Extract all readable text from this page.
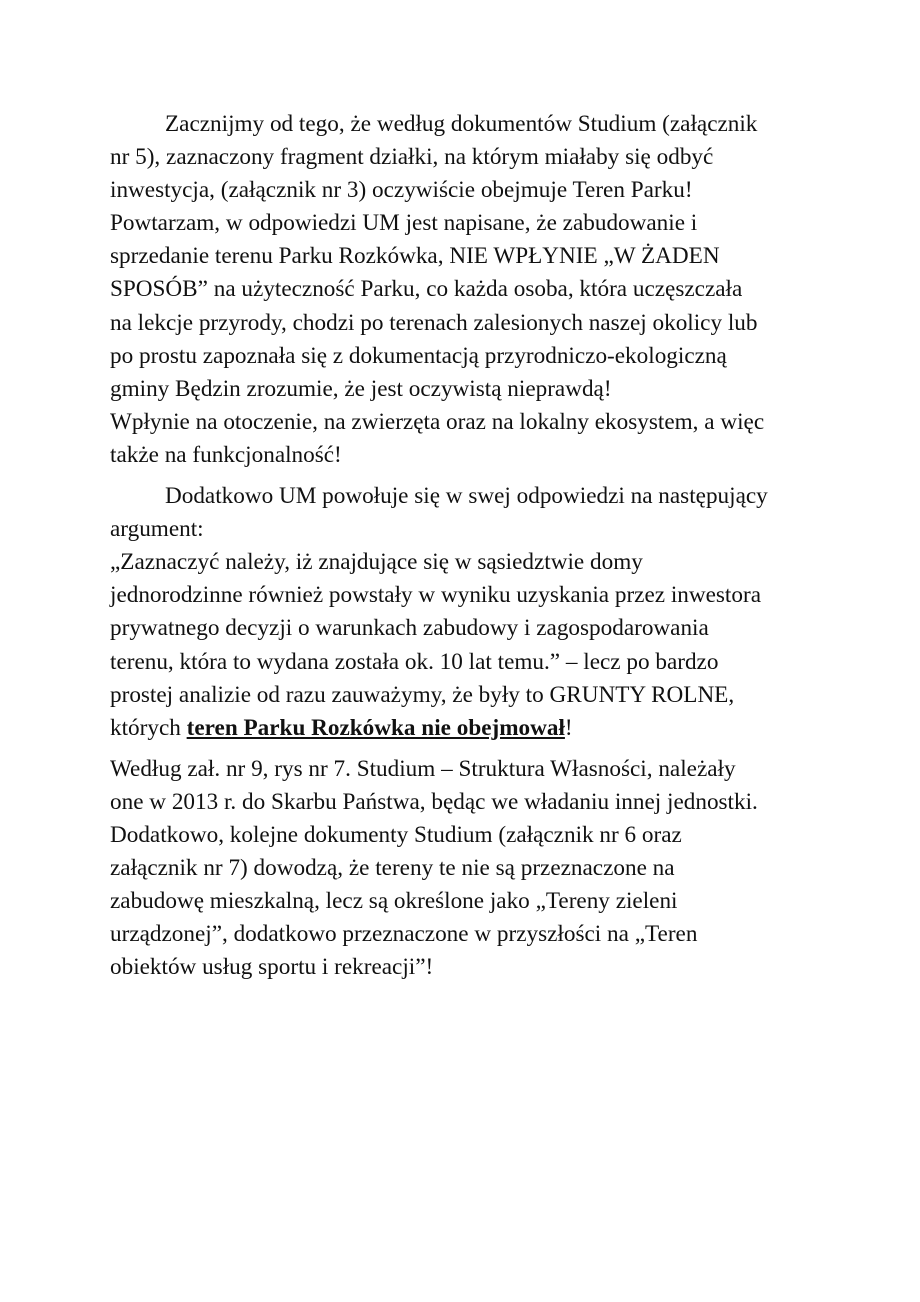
Zacznijmy od tego, że według dokumentów Studium (załącznik
nr 5), zaznaczony fragment działki, na którym miałaby się odbyć
inwestycja, (załącznik nr 3) oczywiście obejmuje Teren Parku!
Powtarzam, w odpowiedzi UM jest napisane, że zabudowanie i
sprzedanie terenu Parku Rozkówka, NIE WPŁYNIE „W ŻADEN
SPOSÓB” na użyteczność Parku, co każda osoba, która uczęszczała
na lekcje przyrody, chodzi po terenach zalesionych naszej okolicy lub
po prostu zapoznała się z dokumentacją przyrodniczo-ekologiczną
gminy Będzin zrozumie, że jest oczywistą nieprawdą!
Wpłynie na otoczenie, na zwierzęta oraz na lokalny ekosystem, a więc
także na funkcjonalność!

Dodatkowo UM powołuje się w swej odpowiedzi na następujący
argument:
„Zaznaczyć należy, iż znajdujące się w sąsiedztwie domy
jednorodzinne również powstały w wyniku uzyskania przez inwestora
prywatnego decyzji o warunkach zabudowy i zagospodarowania
terenu, która to wydana została ok. 10 lat temu.” – lecz po bardzo
prostej analizie od razu zauważymy, że były to GRUNTY ROLNE,
których teren Parku Rozkówka nie obejmował!

Według zał. nr 9, rys nr 7. Studium – Struktura Własności, należały
one w 2013 r. do Skarbu Państwa, będąc we władaniu innej jednostki.
Dodatkowo, kolejne dokumenty Studium (załącznik nr 6 oraz
załącznik nr 7) dowodzą, że tereny te nie są przeznaczone na
zabudowę mieszkalną, lecz są określone jako „Tereny zieleni
urządzonej”, dodatkowo przeznaczone w przyszłości na „Teren
obiektów usług sportu i rekreacji”!
